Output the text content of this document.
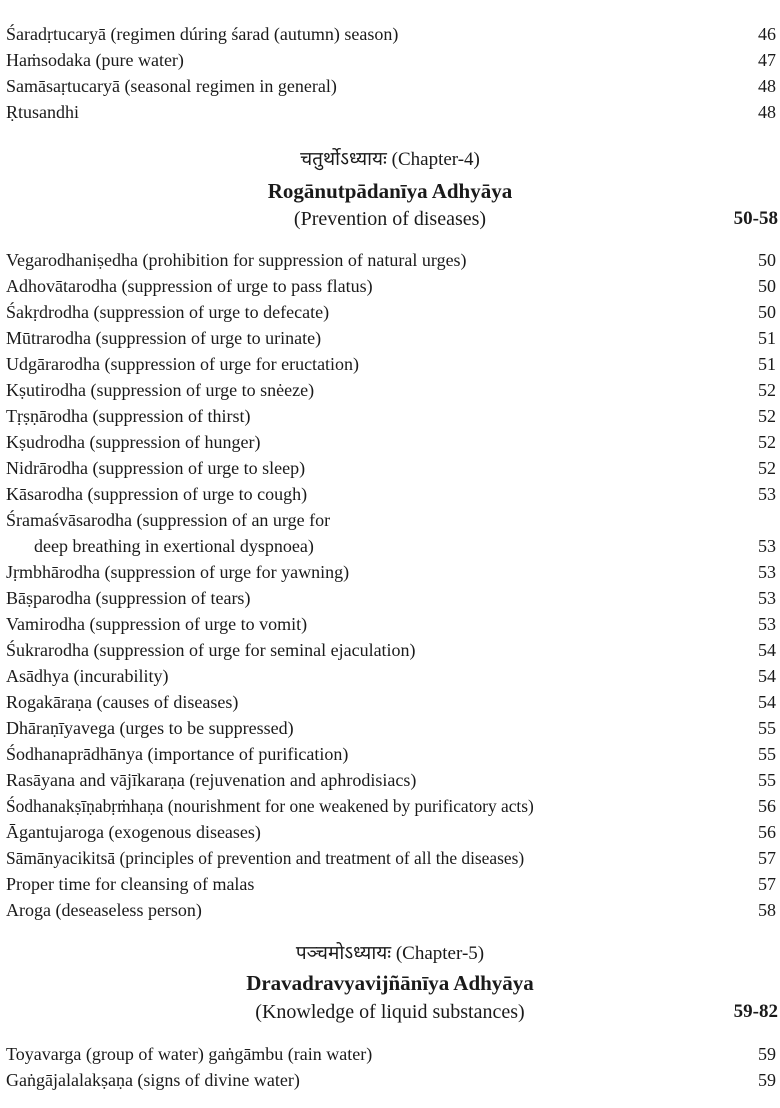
Śaradṛtucaryā (regimen dúring śarad (autumn) season)	46
Haṁsodaka (pure water)	47
Samāsaṛtucaryā (seasonal regimen in general)	48
Ṛtusandhi	48
चतुर्थोऽध्यायः (Chapter-4)
Rogānutpādanīya Adhyāya
(Prevention of diseases)	50-58
Vegarodhaniṣedha (prohibition for suppression of natural urges)	50
Adhovātarodha (suppression of urge to pass flatus)	50
Śakṛdrodha (suppression of urge to defecate)	50
Mūtrarodha (suppression of urge to urinate)	51
Udgārarodha (suppression of urge for eructation)	51
Kṣutirodha (suppression of urge to snėeze)	52
Tṛṣṇārodha (suppression of thirst)	52
Kṣudrodha (suppression of hunger)	52
Nidrārodha (suppression of urge to sleep)	52
Kāsarodha (suppression of urge to cough)	53
Śramaśvāsarodha (suppression of an urge for
deep breathing in exertional dyspnoea)	53
Jṛmbhārodha (suppression of urge for yawning)	53
Bāṣparodha (suppression of tears)	53
Vamirodha (suppression of urge to vomit)	53
Śukrarodha (suppression of urge for seminal ejaculation)	54
Asādhya (incurability)	54
Rogakāraṇa (causes of diseases)	54
Dhāraṇīyavega (urges to be suppressed)	55
Śodhanaprādhānya (importance of purification)	55
Rasāyana and vājīkaraṇa (rejuvenation and aphrodisiacs)	55
Śodhanakṣīṇabṛṁhaṇa (nourishment for one weakened by purificatory acts)	56
Āgantujaroga (exogenous diseases)	56
Sāmānyacikitsā (principles of prevention and treatment of all the diseases)	57
Proper time for cleansing of malas	57
Aroga (deseaseless person)	58
पञ्चमोऽध्यायः (Chapter-5)
Dravadravyavijñānīya Adhyāya
(Knowledge of liquid substances)	59-82
Toyavarga (group of water) gaṅgāmbu (rain water)	59
Gaṅgājalalakṣaṇa (signs of divine water)	59
